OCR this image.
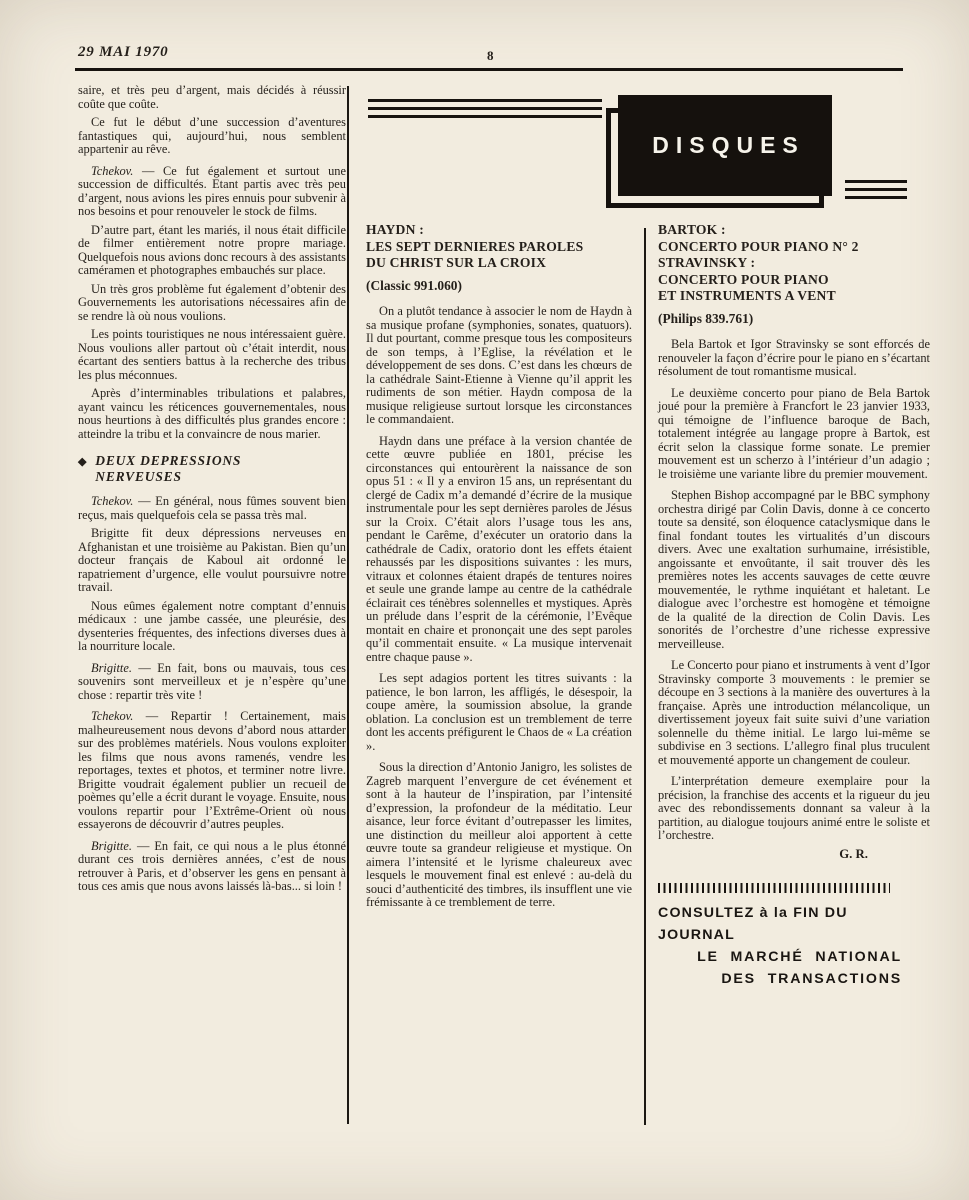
29 MAI 1970	8
DISQUES

saire, et très peu d’argent, mais décidés à réussir coûte que coûte.

Ce fut le début d’une succession d’aventures fantastiques qui, aujourd’hui, nous semblent appartenir au rêve.

Tchekov. — Ce fut également et surtout une succession de difficultés. Etant partis avec très peu d’argent, nous avions les pires ennuis pour subvenir à nos besoins et pour renouveler le stock de films.

D’autre part, étant les mariés, il nous était difficile de filmer entièrement notre propre mariage. Quelquefois nous avions donc recours à des assistants caméramen et photographes embauchés sur place.

Un très gros problème fut également d’obtenir des Gouvernements les autorisations nécessaires afin de se rendre là où nous voulions.

Les points touristiques ne nous intéressaient guère. Nous voulions aller partout où c’était interdit, nous écartant des sentiers battus à la recherche des tribus les plus méconnues.

Après d’interminables tribulations et palabres, ayant vaincu les réticences gouvernementales, nous nous heurtions à des difficultés plus grandes encore : atteindre la tribu et la convaincre de nous marier.

◆ DEUX DEPRESSIONS
NERVEUSES

Tchekov. — En général, nous fûmes souvent bien reçus, mais quelquefois cela se passa très mal.

Brigitte fit deux dépressions nerveuses en Afghanistan et une troisième au Pakistan. Bien qu’un docteur français de Kaboul ait ordonné le rapatriement d’urgence, elle voulut poursuivre notre travail.

Nous eûmes également notre comptant d’ennuis médicaux : une jambe cassée, une pleurésie, des dysenteries fréquentes, des infections diverses dues à la nourriture locale.

Brigitte. — En fait, bons ou mauvais, tous ces souvenirs sont merveilleux et je n’espère qu’une chose : repartir très vite !

Tchekov. — Repartir ! Certainement, mais malheureusement nous devons d’abord nous attarder sur des problèmes matériels. Nous voulons exploiter les films que nous avons ramenés, vendre les reportages, textes et photos, et terminer notre livre. Brigitte voudrait également publier un recueil de poèmes qu’elle a écrit durant le voyage. Ensuite, nous voulons repartir pour l’Extrême-Orient où nous essayerons de découvrir d’autres peuples.

Brigitte. — En fait, ce qui nous a le plus étonné durant ces trois dernières années, c’est de nous retrouver à Paris, et d’observer les gens en pensant à tous ces amis que nous avons laissés là-bas... si loin !

HAYDN :
LES SEPT DERNIERES PAROLES
DU CHRIST SUR LA CROIX
(Classic 991.060)

On a plutôt tendance à associer le nom de Haydn à sa musique profane (symphonies, sonates, quatuors). Il dut pourtant, comme presque tous les compositeurs de son temps, à l’Eglise, la révélation et le développement de ses dons. C’est dans les chœurs de la cathédrale Saint-Etienne à Vienne qu’il apprit les rudiments de son métier. Haydn composa de la musique religieuse surtout lorsque les circonstances le commandaient.

Haydn dans une préface à la version chantée de cette œuvre publiée en 1801, précise les circonstances qui entourèrent la naissance de son opus 51 : « Il y a environ 15 ans, un représentant du clergé de Cadix m’a demandé d’écrire de la musique instrumentale pour les sept dernières paroles de Jésus sur la Croix. C’était alors l’usage tous les ans, pendant le Carême, d’exécuter un oratorio dans la cathédrale de Cadix, oratorio dont les effets étaient rehaussés par les dispositions suivantes : les murs, vitraux et colonnes étaient drapés de tentures noires et seule une grande lampe au centre de la cathédrale éclairait ces ténèbres solennelles et mystiques. Après un prélude dans l’esprit de la cérémonie, l’Evêque montait en chaire et prononçait une des sept paroles qu’il commentait ensuite. « La musique intervenait entre chaque pause ».

Les sept adagios portent les titres suivants : la patience, le bon larron, les affligés, le désespoir, la coupe amère, la soumission absolue, la grande oblation. La conclusion est un tremblement de terre dont les accents préfigurent le Chaos de « La création ».

Sous la direction d’Antonio Janigro, les solistes de Zagreb marquent l’envergure de cet événement et sont à la hauteur de l’inspiration, par l’intensité d’expression, la profondeur de la méditatio. Leur aisance, leur force évitant d’outrepasser les limites, une distinction du meilleur aloi apportent à cette œuvre toute sa grandeur religieuse et mystique. On aimera l’intensité et le lyrisme chaleureux avec lesquels le mouvement final est enlevé : au-delà du souci d’authenticité des timbres, ils insufflent une vie frémissante à ce tremblement de terre.

BARTOK :
CONCERTO POUR PIANO N° 2
STRAVINSKY :
CONCERTO POUR PIANO
ET INSTRUMENTS A VENT
(Philips 839.761)

Bela Bartok et Igor Stravinsky se sont efforcés de renouveler la façon d’écrire pour le piano en s’écartant résolument de tout romantisme musical.

Le deuxième concerto pour piano de Bela Bartok joué pour la première à Francfort le 23 janvier 1933, qui témoigne de l’influence baroque de Bach, totalement intégrée au langage propre à Bartok, est écrit selon la classique forme sonate. Le premier mouvement est un scherzo à l’intérieur d’un adagio ; le troisième une variante libre du premier mouvement.

Stephen Bishop accompagné par le BBC symphony orchestra dirigé par Colin Davis, donne à ce concerto toute sa densité, son éloquence cataclysmique dans le final fondant toutes les virtualités d’un discours divers. Avec une exaltation surhumaine, irrésistible, angoissante et envoûtante, il sait trouver dès les premières notes les accents sauvages de cette œuvre mouvementée, le rythme inquiétant et haletant. Le dialogue avec l’orchestre est homogène et témoigne de la qualité de la direction de Colin Davis. Les sonorités de l’orchestre d’une richesse expressive merveilleuse.

Le Concerto pour piano et instruments à vent d’Igor Stravinsky comporte 3 mouvements : le premier se découpe en 3 sections à la manière des ouvertures à la française. Après une introduction mélancolique, un divertissement joyeux fait suite suivi d’une variation solennelle du thème initial. Le largo lui-même se subdivise en 3 sections. L’allegro final plus truculent et mouvementé apporte un changement de couleur.

L’interprétation demeure exemplaire pour la précision, la franchise des accents et la rigueur du jeu avec des rebondissements donnant sa valeur à la partition, au dialogue toujours animé entre le soliste et l’orchestre.

G. R.

CONSULTEZ à la FIN DU JOURNAL
LE MARCHÉ NATIONAL
DES TRANSACTIONS
